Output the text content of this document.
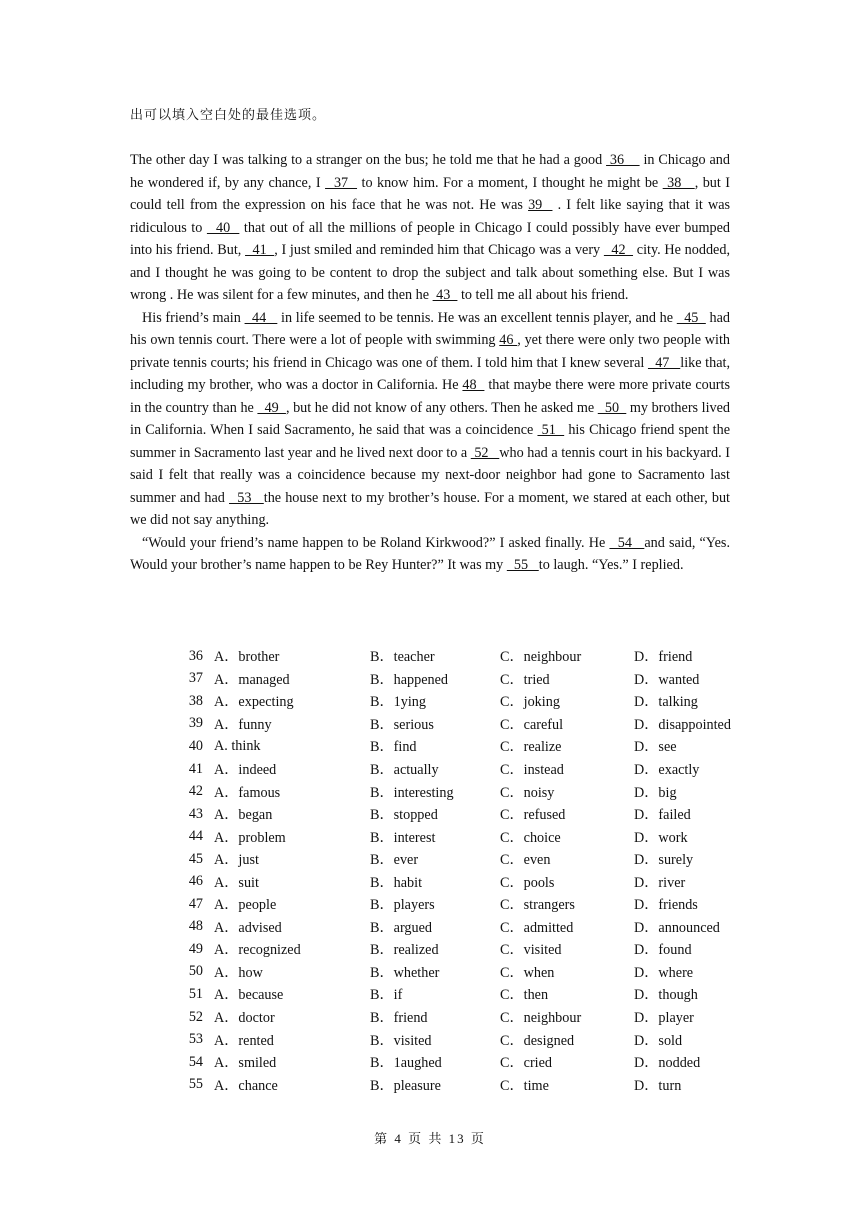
出可以填入空白处的最佳选项。

The other day I was talking to a stranger on the bus; he told me that he had a good  36     in Chicago and he wondered if, by any chance, I   37   to know him. For a moment, I thought he might be  38   , but I could tell from the expression on his face that he was not. He was 39   . I felt like saying that it was ridiculous to   40   that out of all the millions of people in Chicago I could possibly have ever bumped into his friend. But,   41  , I just smiled and reminded him that Chicago was a very   42   city. He nodded, and I thought he was going to be content to drop the subject and talk about something else. But I was wrong . He was silent for a few minutes, and then he  43   to tell me all about his friend.

His friend’s main   44    in life seemed to be tennis. He was an excellent tennis player, and he   45   had his own tennis court. There were a lot of people with swimming 46 , yet there were only two people with private tennis courts; his friend in Chicago was one of them. I told him that I knew several   47   like that, including my brother, who was a doctor in California. He 48   that maybe there were more private courts in the country than he   49  , but he did not know of any others. Then he asked me   50   my brothers lived in California. When I said Sacramento, he said that was a coincidence  51   his Chicago friend spent the summer in Sacramento last year and he lived next door to a  52   who had a tennis court in his backyard. I said I felt that really was a coincidence because my next-door neighbor had gone to Sacramento last summer and had   53   the house next to my brother’s house. For a moment, we stared at each other, but we did not say anything.

“Would your friend’s name happen to be Roland Kirkwood?” I asked finally. He   54   and said, “Yes. Would your brother’s name happen to be Rey Hunter?” It was my   55   to laugh. “Yes.” I replied.

36	A．brother	B．teacher	C．neighbour	D．friend
37	A．managed	B．happened	C．tried	D．wanted
38	A．expecting	B．1ying	C．joking	D．talking
39	A．funny	B．serious	C．careful	D．disappointed
40	A. think	B．find	C．realize	D．see
41	A．indeed	B．actually	C．instead	D．exactly
42	A．famous	B．interesting	C．noisy	D．big
43	A．began	B．stopped	C．refused	D．failed
44	A．problem	B．interest	C．choice	D．work
45	A．just	B．ever	C．even	D．surely
46	A．suit	B．habit	C．pools	D．river
47	A．people	B．players	C．strangers	D．friends
48	A．advised	B．argued	C．admitted	D．announced
49	A．recognized	B．realized	C．visited	D．found
50	A．how	B．whether	C．when	D．where
51	A．because	B．if	C．then	D．though
52	A．doctor	B．friend	C．neighbour	D．player
53	A．rented	B．visited	C．designed	D．sold
54	A．smiled	B．1aughed	C．cried	D．nodded
55	A．chance	B．pleasure	C．time	D．turn
第 4 页 共 13 页
